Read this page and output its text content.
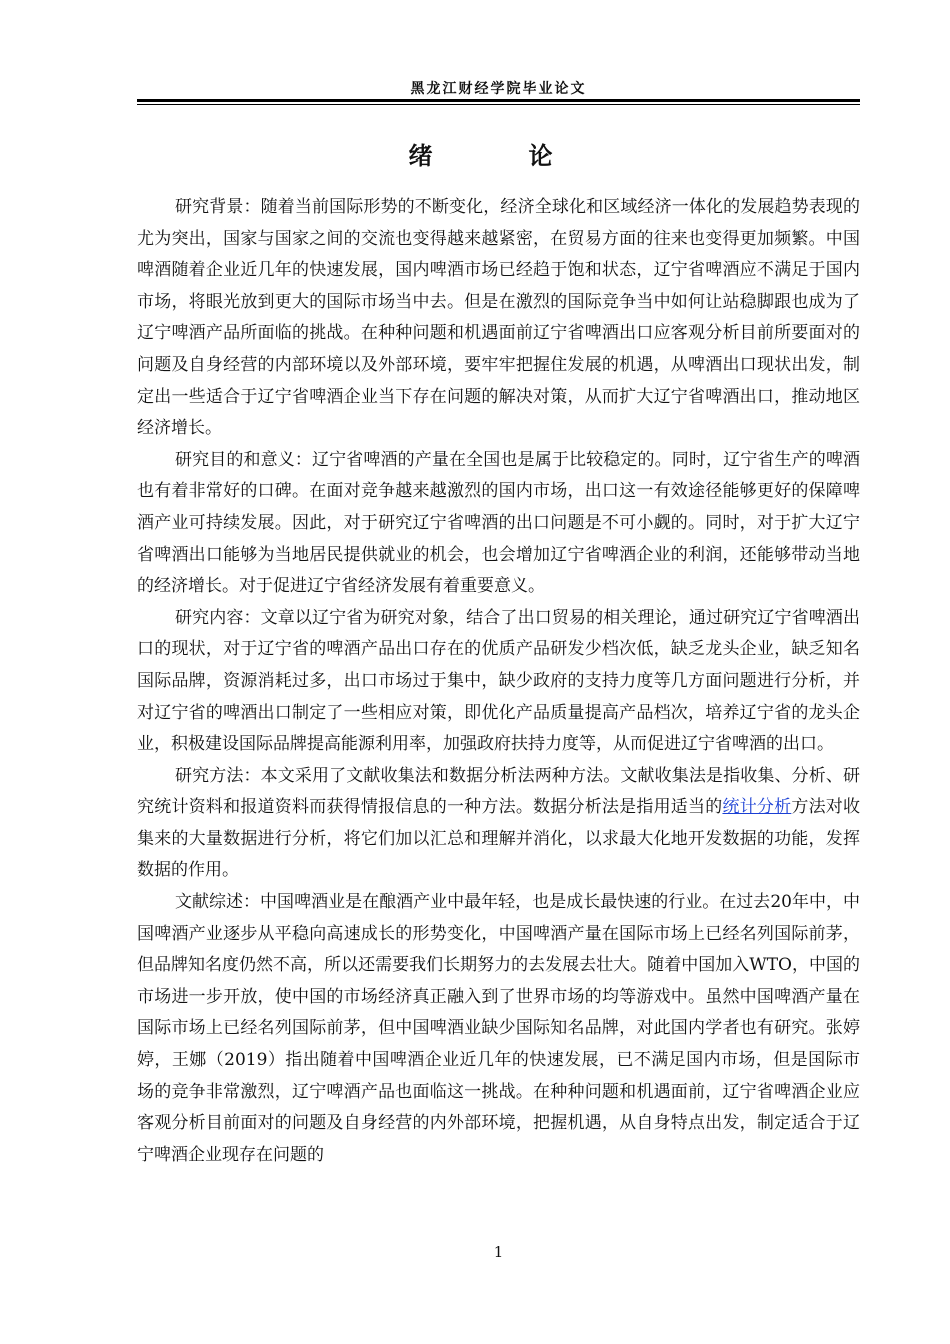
黑龙江财经学院毕业论文
绪　论

研究背景：随着当前国际形势的不断变化，经济全球化和区域经济一体化的发展趋势表现的尤为突出，国家与国家之间的交流也变得越来越紧密，在贸易方面的往来也变得更加频繁。中国啤酒随着企业近几年的快速发展，国内啤酒市场已经趋于饱和状态，辽宁省啤酒应不满足于国内市场，将眼光放到更大的国际市场当中去。但是在激烈的国际竞争当中如何让站稳脚跟也成为了辽宁啤酒产品所面临的挑战。在种种问题和机遇面前辽宁省啤酒出口应客观分析目前所要面对的问题及自身经营的内部环境以及外部环境，要牢牢把握住发展的机遇，从啤酒出口现状出发，制定出一些适合于辽宁省啤酒企业当下存在问题的解决对策，从而扩大辽宁省啤酒出口，推动地区经济增长。

研究目的和意义：辽宁省啤酒的产量在全国也是属于比较稳定的。同时，辽宁省生产的啤酒也有着非常好的口碑。在面对竞争越来越激烈的国内市场，出口这一有效途径能够更好的保障啤酒产业可持续发展。因此，对于研究辽宁省啤酒的出口问题是不可小觑的。同时，对于扩大辽宁省啤酒出口能够为当地居民提供就业的机会，也会增加辽宁省啤酒企业的利润，还能够带动当地的经济增长。对于促进辽宁省经济发展有着重要意义。

研究内容：文章以辽宁省为研究对象，结合了出口贸易的相关理论，通过研究辽宁省啤酒出口的现状，对于辽宁省的啤酒产品出口存在的优质产品研发少档次低，缺乏龙头企业，缺乏知名国际品牌，资源消耗过多，出口市场过于集中，缺少政府的支持力度等几方面问题进行分析，并对辽宁省的啤酒出口制定了一些相应对策，即优化产品质量提高产品档次，培养辽宁省的龙头企业，积极建设国际品牌提高能源利用率，加强政府扶持力度等，从而促进辽宁省啤酒的出口。

研究方法：本文采用了文献收集法和数据分析法两种方法。文献收集法是指收集、分析、研究统计资料和报道资料而获得情报信息的一种方法。数据分析法是指用适当的统计分析方法对收集来的大量数据进行分析，将它们加以汇总和理解并消化，以求最大化地开发数据的功能，发挥数据的作用。

文献综述：中国啤酒业是在酿酒产业中最年轻，也是成长最快速的行业。在过去20年中，中国啤酒产业逐步从平稳向高速成长的形势变化，中国啤酒产量在国际市场上已经名列国际前茅，但品牌知名度仍然不高，所以还需要我们长期努力的去发展去壮大。随着中国加入WTO，中国的市场进一步开放，使中国的市场经济真正融入到了世界市场的均等游戏中。虽然中国啤酒产量在国际市场上已经名列国际前茅，但中国啤酒业缺少国际知名品牌，对此国内学者也有研究。张婷婷，王娜（2019）指出随着中国啤酒企业近几年的快速发展，已不满足国内市场，但是国际市场的竞争非常激烈，辽宁啤酒产品也面临这一挑战。在种种问题和机遇面前，辽宁省啤酒企业应客观分析目前面对的问题及自身经营的内外部环境，把握机遇，从自身特点出发，制定适合于辽宁啤酒企业现存在问题的

1
